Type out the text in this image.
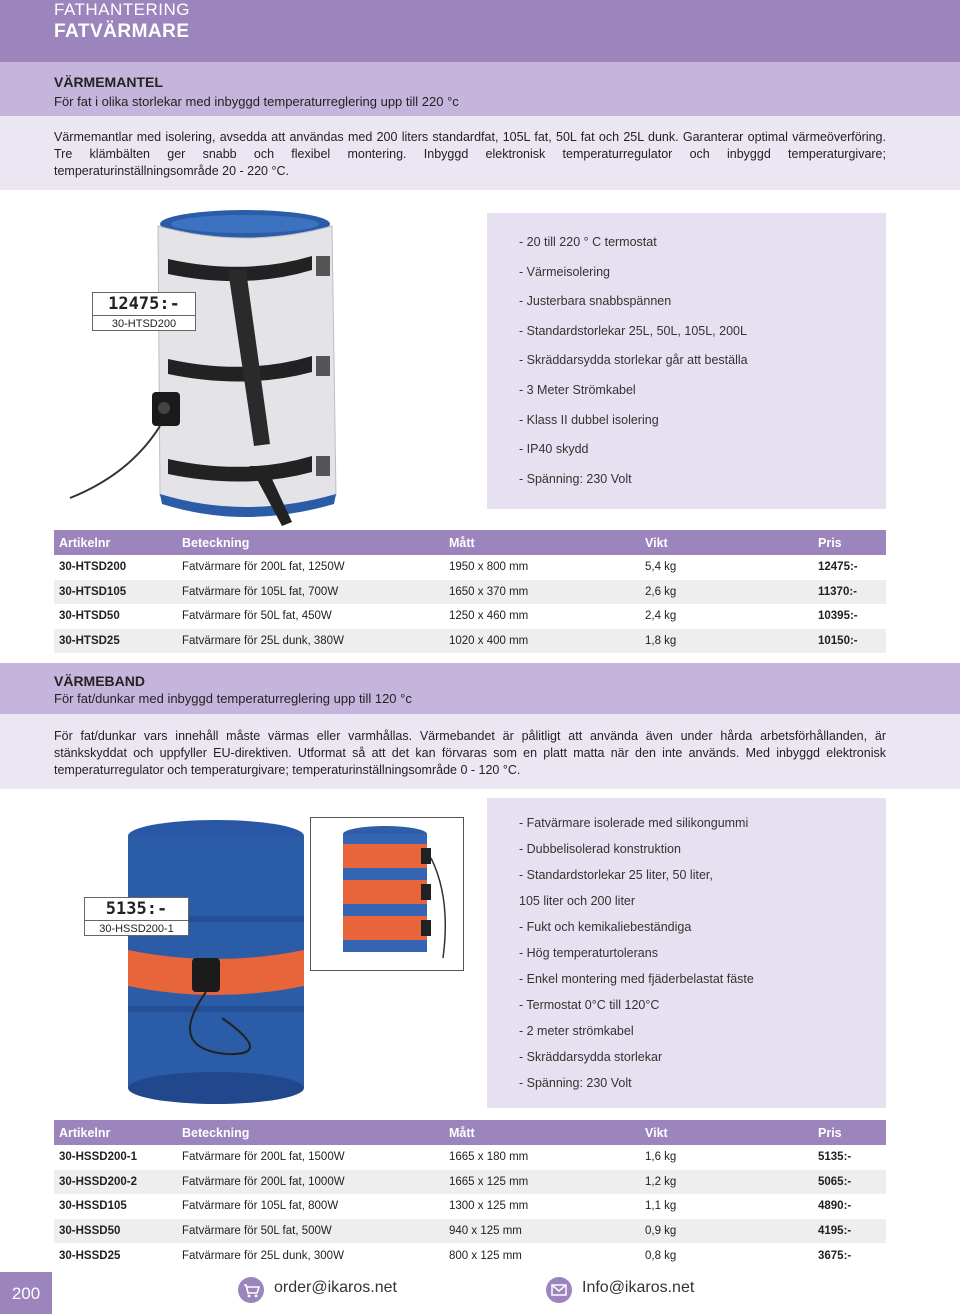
FATHANTERING
FATVÄRMARE
VÄRMEMANTEL
För fat i olika storlekar med inbyggd temperaturreglering upp till 220 °c

Värmemantlar med isolering, avsedda att användas med 200 liters standardfat, 105L fat, 50L fat och 25L dunk. Garanterar optimal värmeöverföring. Tre klämbälten ger snabb och flexibel montering. Inbyggd elektronisk temperaturregulator och inbyggd temperaturgivare; temperaturinställningsområde 20 - 220 °C.

12475:-
30-HTSD200
- 20 till 220 ° C termostat
- Värmeisolering
- Justerbara snabbspännen
- Standardstorlekar 25L, 50L, 105L, 200L
- Skräddarsydda storlekar går att beställa
- 3 Meter Strömkabel
- Klass II dubbel isolering
- IP40 skydd
- Spänning: 230 Volt
Artikelnr	Beteckning	Mått	Vikt	Pris
30-HTSD200	Fatvärmare för 200L fat, 1250W	1950 x 800 mm	5,4 kg	12475:-
30-HTSD105	Fatvärmare för 105L fat, 700W	1650 x 370 mm	2,6 kg	11370:-
30-HTSD50	Fatvärmare för 50L fat, 450W	1250 x 460 mm	2,4 kg	10395:-
30-HTSD25	Fatvärmare för 25L dunk, 380W	1020 x 400 mm	1,8 kg	10150:-
VÄRMEBAND
För fat/dunkar med inbyggd temperaturreglering upp till 120 °c

För fat/dunkar vars innehåll måste värmas eller varmhållas. Värmebandet är pålitligt att använda även under hårda arbetsförhållanden, är stänkskyddat och uppfyller EU-direktiven. Utformat så att det kan förvaras som en platt matta när den inte används. Med inbyggd elektronisk temperaturregulator och temperaturgivare; temperaturinställningsområde 0 - 120 °C.

5135:-
30-HSSD200-1
- Fatvärmare isolerade med silikongummi
- Dubbelisolerad konstruktion
- Standardstorlekar 25 liter, 50 liter,
105 liter och 200 liter
- Fukt och kemikaliebeständiga
- Hög temperaturtolerans
- Enkel montering med fjäderbelastat fäste
- Termostat 0°C till 120°C
- 2 meter strömkabel
- Skräddarsydda storlekar
- Spänning: 230 Volt
Artikelnr	Beteckning	Mått	Vikt	Pris
30-HSSD200-1	Fatvärmare för 200L fat, 1500W	1665 x 180 mm	1,6 kg	5135:-
30-HSSD200-2	Fatvärmare för 200L fat, 1000W	1665 x 125 mm	1,2 kg	5065:-
30-HSSD105	Fatvärmare för 105L fat, 800W	1300 x 125 mm	1,1 kg	4890:-
30-HSSD50	Fatvärmare för 50L fat, 500W	940 x 125 mm	0,9 kg	4195:-
30-HSSD25	Fatvärmare för 25L dunk, 300W	800 x 125 mm	0,8 kg	3675:-
200	order@ikaros.net	Info@ikaros.net
